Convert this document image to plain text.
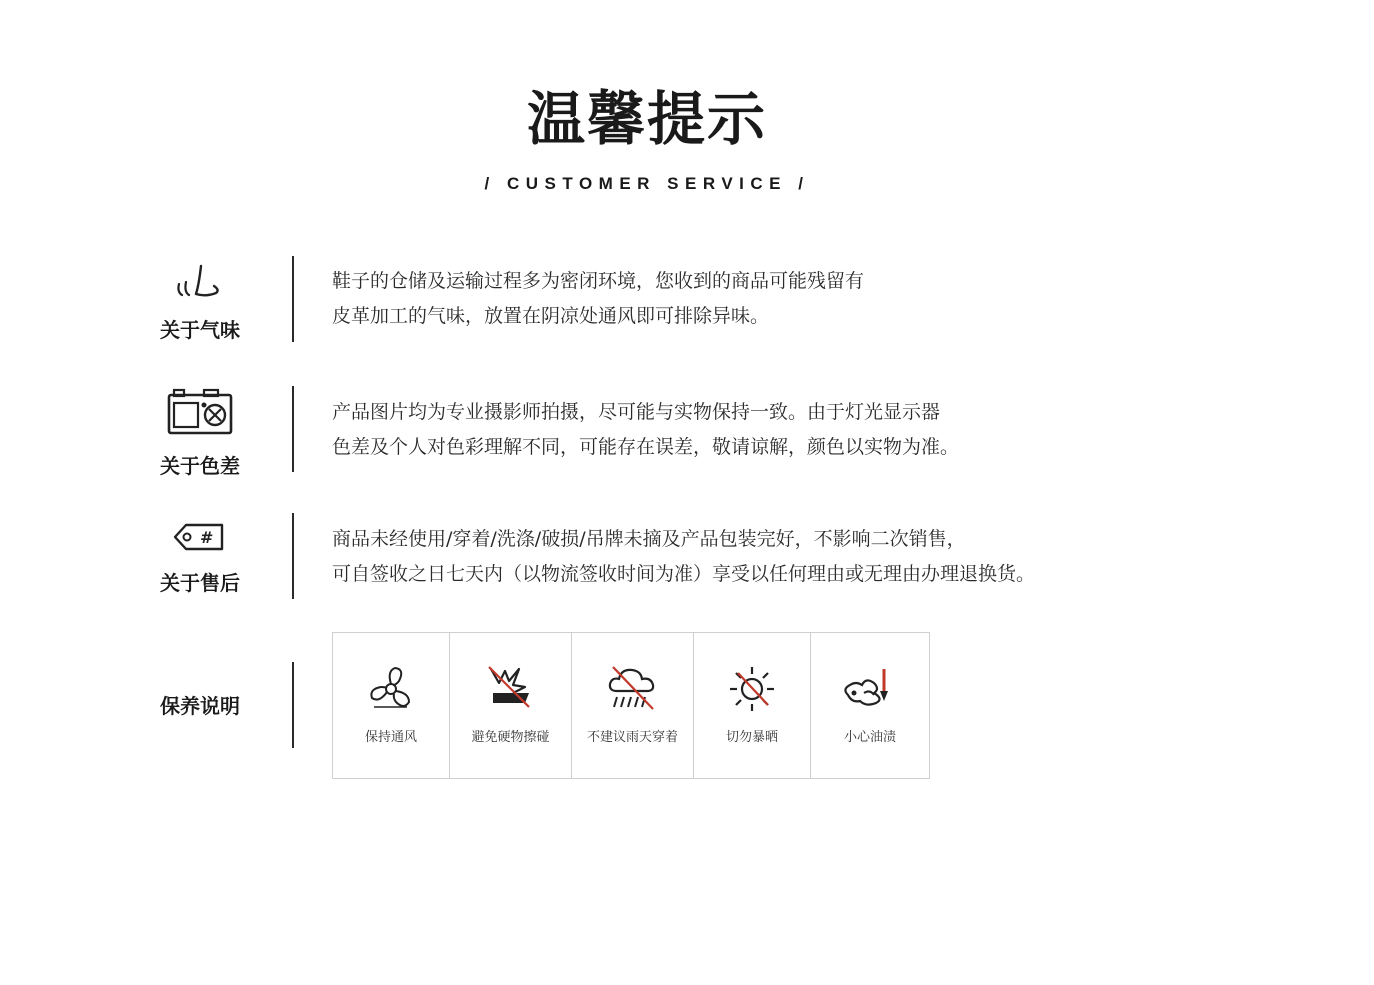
温馨提示
/ CUSTOMER SERVICE /
关于气味
鞋子的仓储及运输过程多为密闭环境，您收到的商品可能残留有
皮革加工的气味，放置在阴凉处通风即可排除异味。
关于色差
产品图片均为专业摄影师拍摄，尽可能与实物保持一致。由于灯光显示器
色差及个人对色彩理解不同，可能存在误差，敬请谅解，颜色以实物为准。
#
关于售后
商品未经使用/穿着/洗涤/破损/吊牌未摘及产品包装完好，不影响二次销售，
可自签收之日七天内（以物流签收时间为准）享受以任何理由或无理由办理退换货。
保养说明
保持通风	避免硬物擦碰	不建议雨天穿着	切勿暴晒	小心油渍
